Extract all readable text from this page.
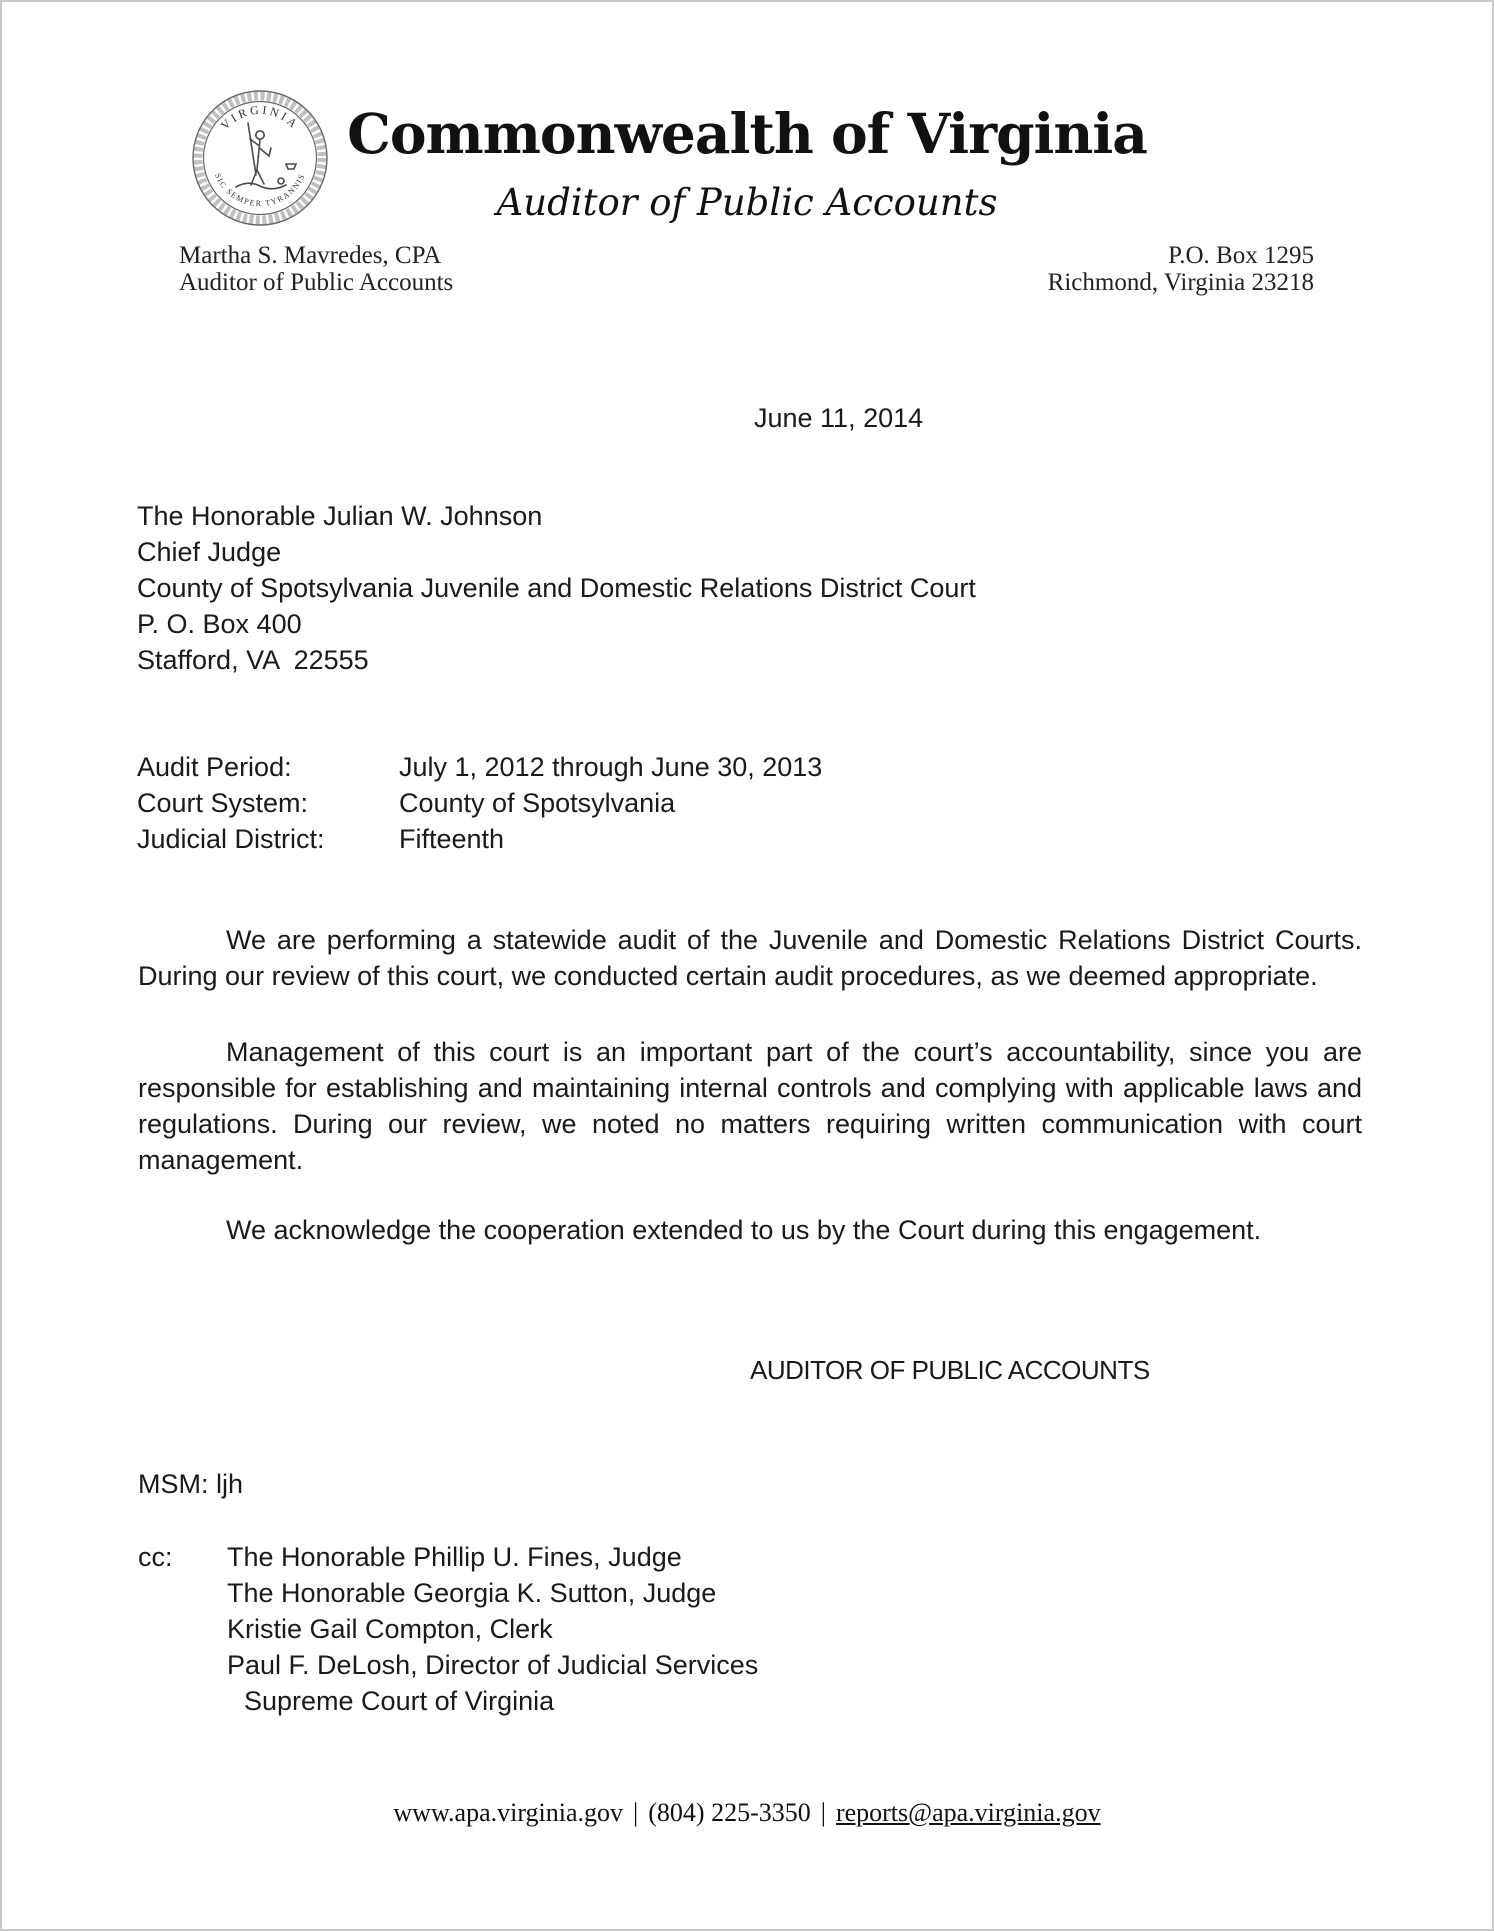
VIRGINIA
SIC SEMPER TYRANNIS
Commonwealth of Virginia
Auditor of Public Accounts
Martha S. Mavredes, CPA
Auditor of Public Accounts
P.O. Box 1295
Richmond, Virginia 23218
June 11, 2014
The Honorable Julian W. Johnson
Chief Judge
County of Spotsylvania Juvenile and Domestic Relations District Court
P. O. Box 400
Stafford, VA  22555
Audit Period:	July 1, 2012 through June 30, 2013
Court System:	County of Spotsylvania
Judicial District:	Fifteenth
We are performing a statewide audit of the Juvenile and Domestic Relations District Courts. During our review of this court, we conducted certain audit procedures, as we deemed appropriate.
Management of this court is an important part of the court’s accountability, since you are responsible for establishing and maintaining internal controls and complying with applicable laws and regulations. During our review, we noted no matters requiring written communication with court management.
We acknowledge the cooperation extended to us by the Court during this engagement.
AUDITOR OF PUBLIC ACCOUNTS
MSM: ljh
cc: The Honorable Phillip U. Fines, Judge
The Honorable Georgia K. Sutton, Judge
Kristie Gail Compton, Clerk
Paul F. DeLosh, Director of Judicial Services
Supreme Court of Virginia
www.apa.virginia.gov | (804) 225-3350 | reports@apa.virginia.gov
